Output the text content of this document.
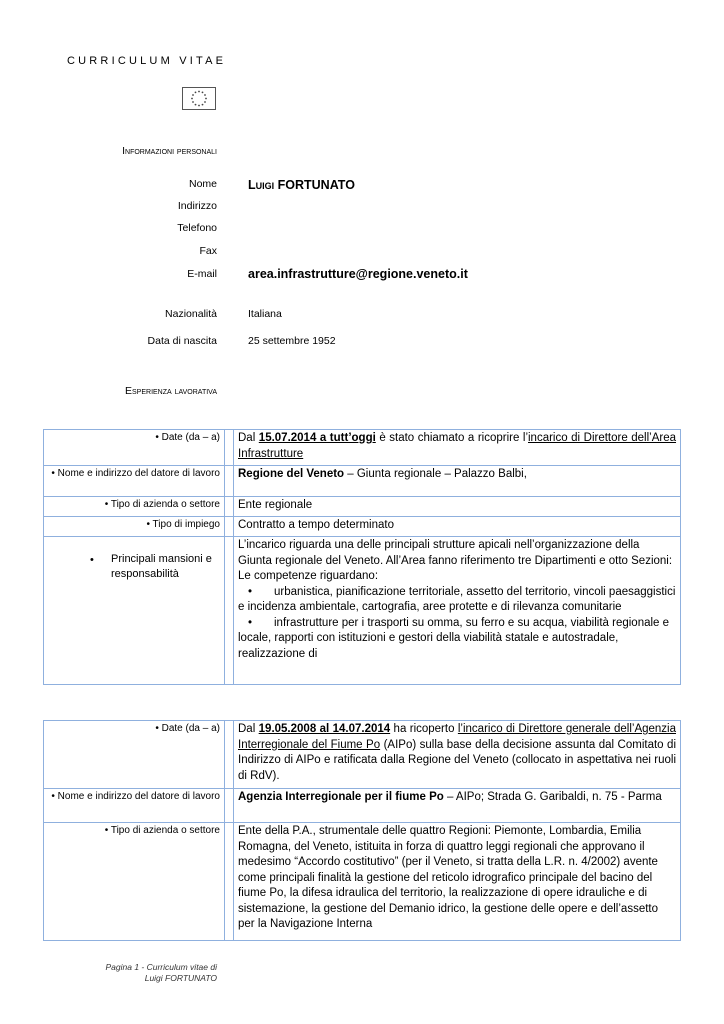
CURRICULUM VITAE
Informazioni personali
Nome Luigi FORTUNATO
Indirizzo
Telefono
Fax
E-mail area.infrastrutture@regione.veneto.it
Nazionalità	Italiana
Data di nascita	25 settembre 1952
Esperienza lavorativa
• Date (da – a)		Dal 15.07.2014 a tutt’oggi è stato chiamato a ricoprire l’incarico di Direttore dell’Area Infrastrutture
• Nome e indirizzo del datore di lavoro		Regione del Veneto – Giunta regionale – Palazzo Balbi,
• Tipo di azienda o settore		Ente regionale
• Tipo di impiego		Contratto a tempo determinato

• Principali mansioni e responsabilità		L’incarico riguarda una delle principali strutture apicali nell’organizzazione della Giunta regionale del Veneto. All’Area fanno riferimento tre Dipartimenti e otto Sezioni: Le competenze riguardano:
• urbanistica, pianificazione territoriale, assetto del territorio, vincoli paesaggistici e incidenza ambientale, cartografia, aree protette e di rilevanza comunitarie
• infrastrutture per i trasporti su omma, su ferro e su acqua, viabilità regionale e locale, rapporti con istituzioni e gestori della viabilità statale e autostradale, realizzazione di
• Date (da – a)		Dal 19.05.2008 al 14.07.2014 ha ricoperto l’incarico di Direttore generale dell’Agenzia Interregionale del Fiume Po (AIPo) sulla base della decisione assunta dal Comitato di Indirizzo di AIPo e ratificata dalla Regione del Veneto (collocato in aspettativa nei ruoli di RdV).
• Nome e indirizzo del datore di lavoro		Agenzia Interregionale per il fiume Po – AIPo; Strada G. Garibaldi, n. 75 - Parma
• Tipo di azienda o settore		Ente della P.A., strumentale delle quattro Regioni: Piemonte, Lombardia, Emilia Romagna, del Veneto, istituita in forza di quattro leggi regionali che approvano il medesimo “Accordo costitutivo” (per il Veneto, si tratta della L.R. n. 4/2002) avente come principali finalità la gestione del reticolo idrografico principale del bacino del fiume Po, la difesa idraulica del territorio, la realizzazione di opere idrauliche e di sistemazione, la gestione del Demanio idrico, la gestione delle opere e dell’assetto per la Navigazione Interna
Pagina 1 - Curriculum vitae di
Luigi FORTUNATO
